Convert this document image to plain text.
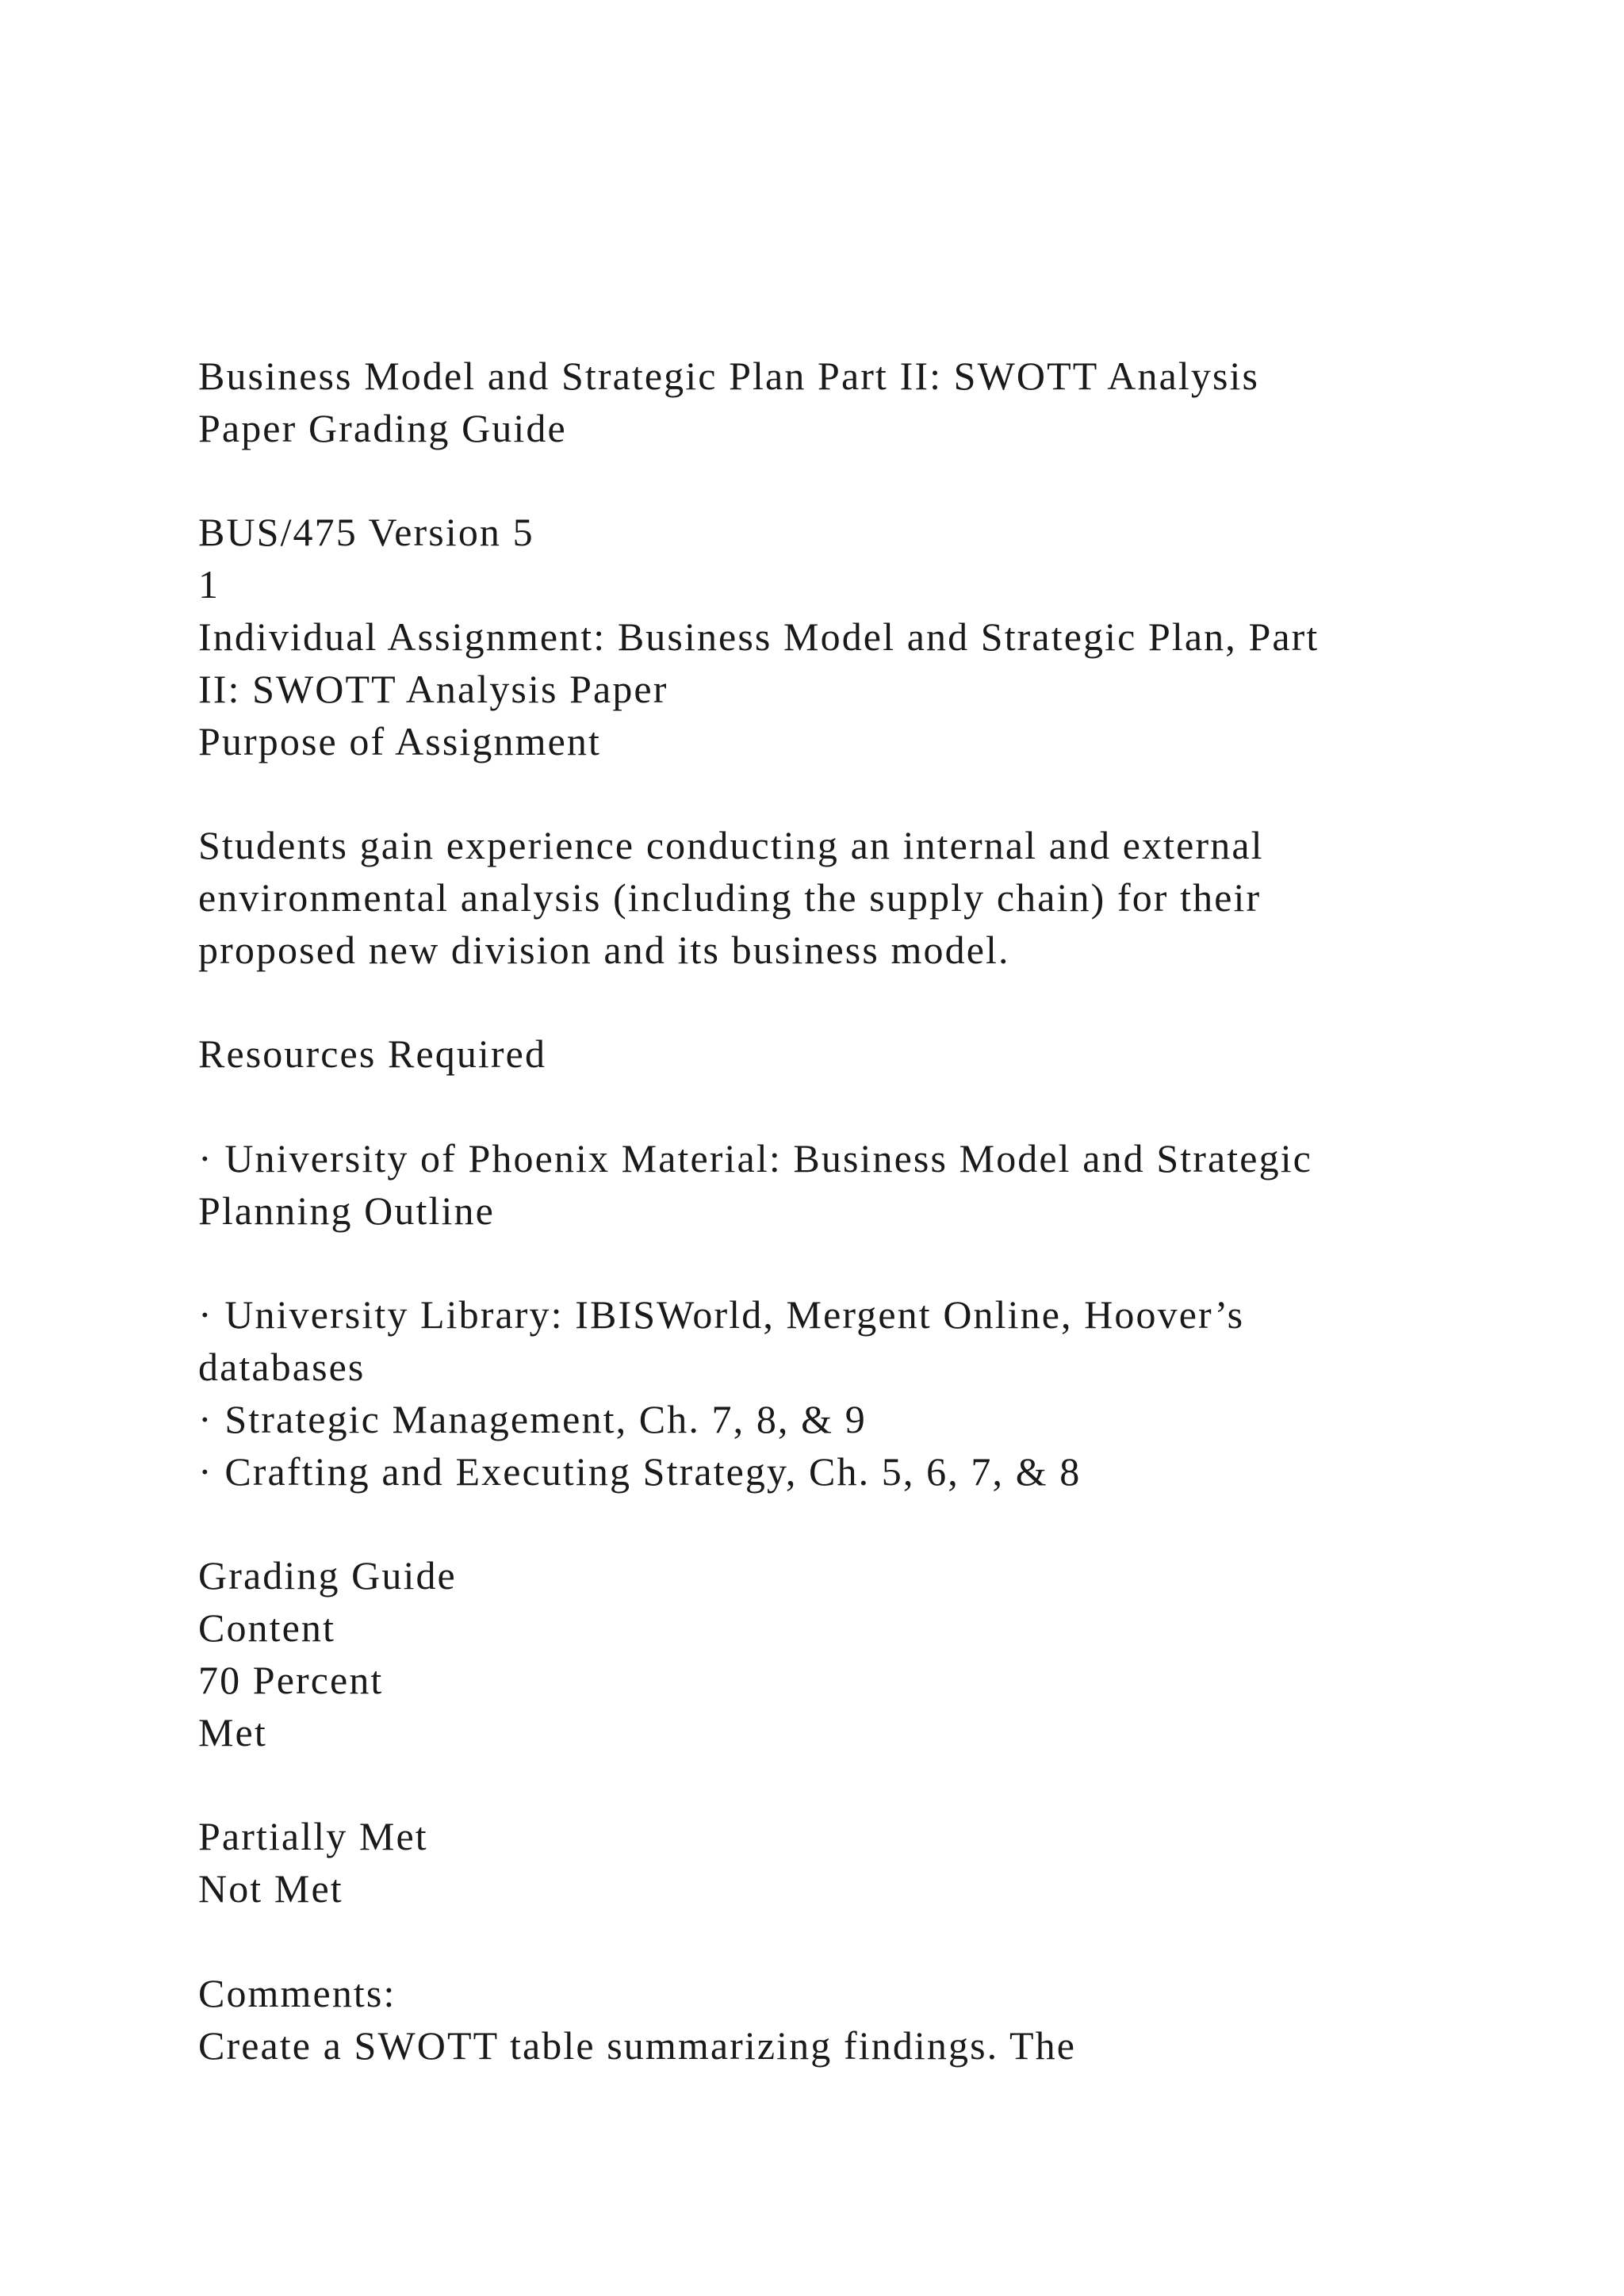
Business Model and Strategic Plan Part II: SWOTT Analysis
Paper Grading Guide
BUS/475 Version 5
1
Individual Assignment: Business Model and Strategic Plan, Part
II: SWOTT Analysis Paper
Purpose of Assignment
Students gain experience conducting an internal and external
environmental analysis (including the supply chain) for their
proposed new division and its business model.
Resources Required
· University of Phoenix Material: Business Model and Strategic
Planning Outline
· University Library: IBISWorld, Mergent Online, Hoover’s
databases
· Strategic Management, Ch. 7, 8, & 9
· Crafting and Executing Strategy, Ch. 5, 6, 7, & 8
Grading Guide
Content
70 Percent
Met
Partially Met
Not Met
Comments:
Create a SWOTT table summarizing findings. The
